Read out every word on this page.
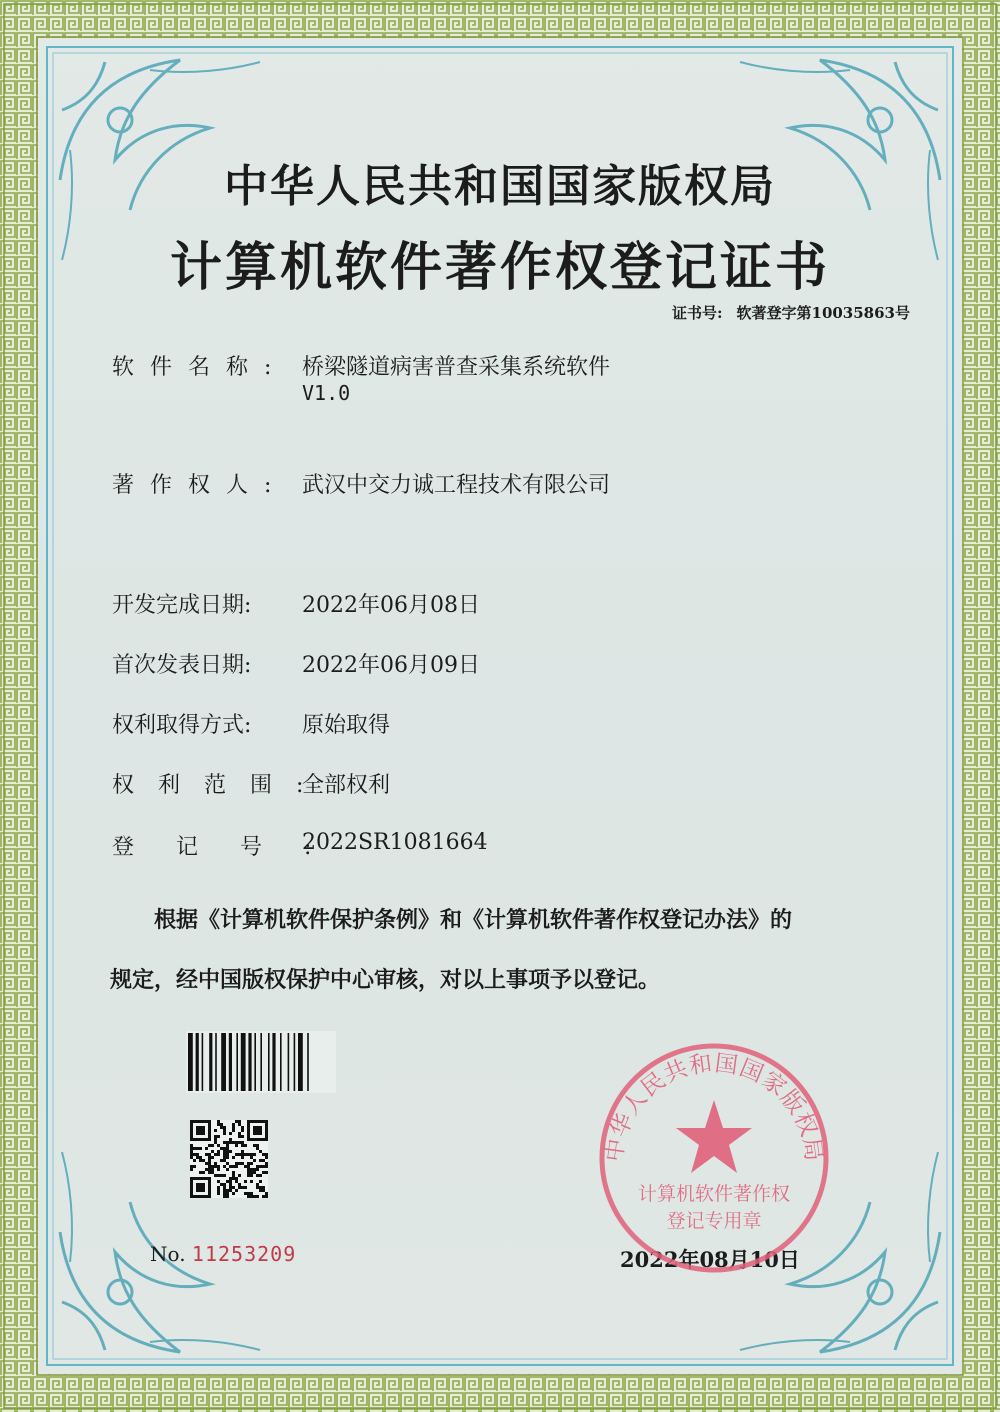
中华人民共和国国家版权局
计算机软件著作权登记证书
证书号: 软著登字第10035863号
软件名称: 桥梁隧道病害普查采集系统软件
V1.0
著作权人: 武汉中交力诚工程技术有限公司
开发完成日期: 2022年06月08日
首次发表日期: 2022年06月09日
权利取得方式: 原始取得
权利范围:全部权利
登记号:2022SR1081664

根据《计算机软件保护条例》和《计算机软件著作权登记办法》的

规定，经中国版权保护中心审核，对以上事项予以登记。

No. 11253209	2022年08月10日
中华人民共和国国家版权局
计算机软件著作权
登记专用章
